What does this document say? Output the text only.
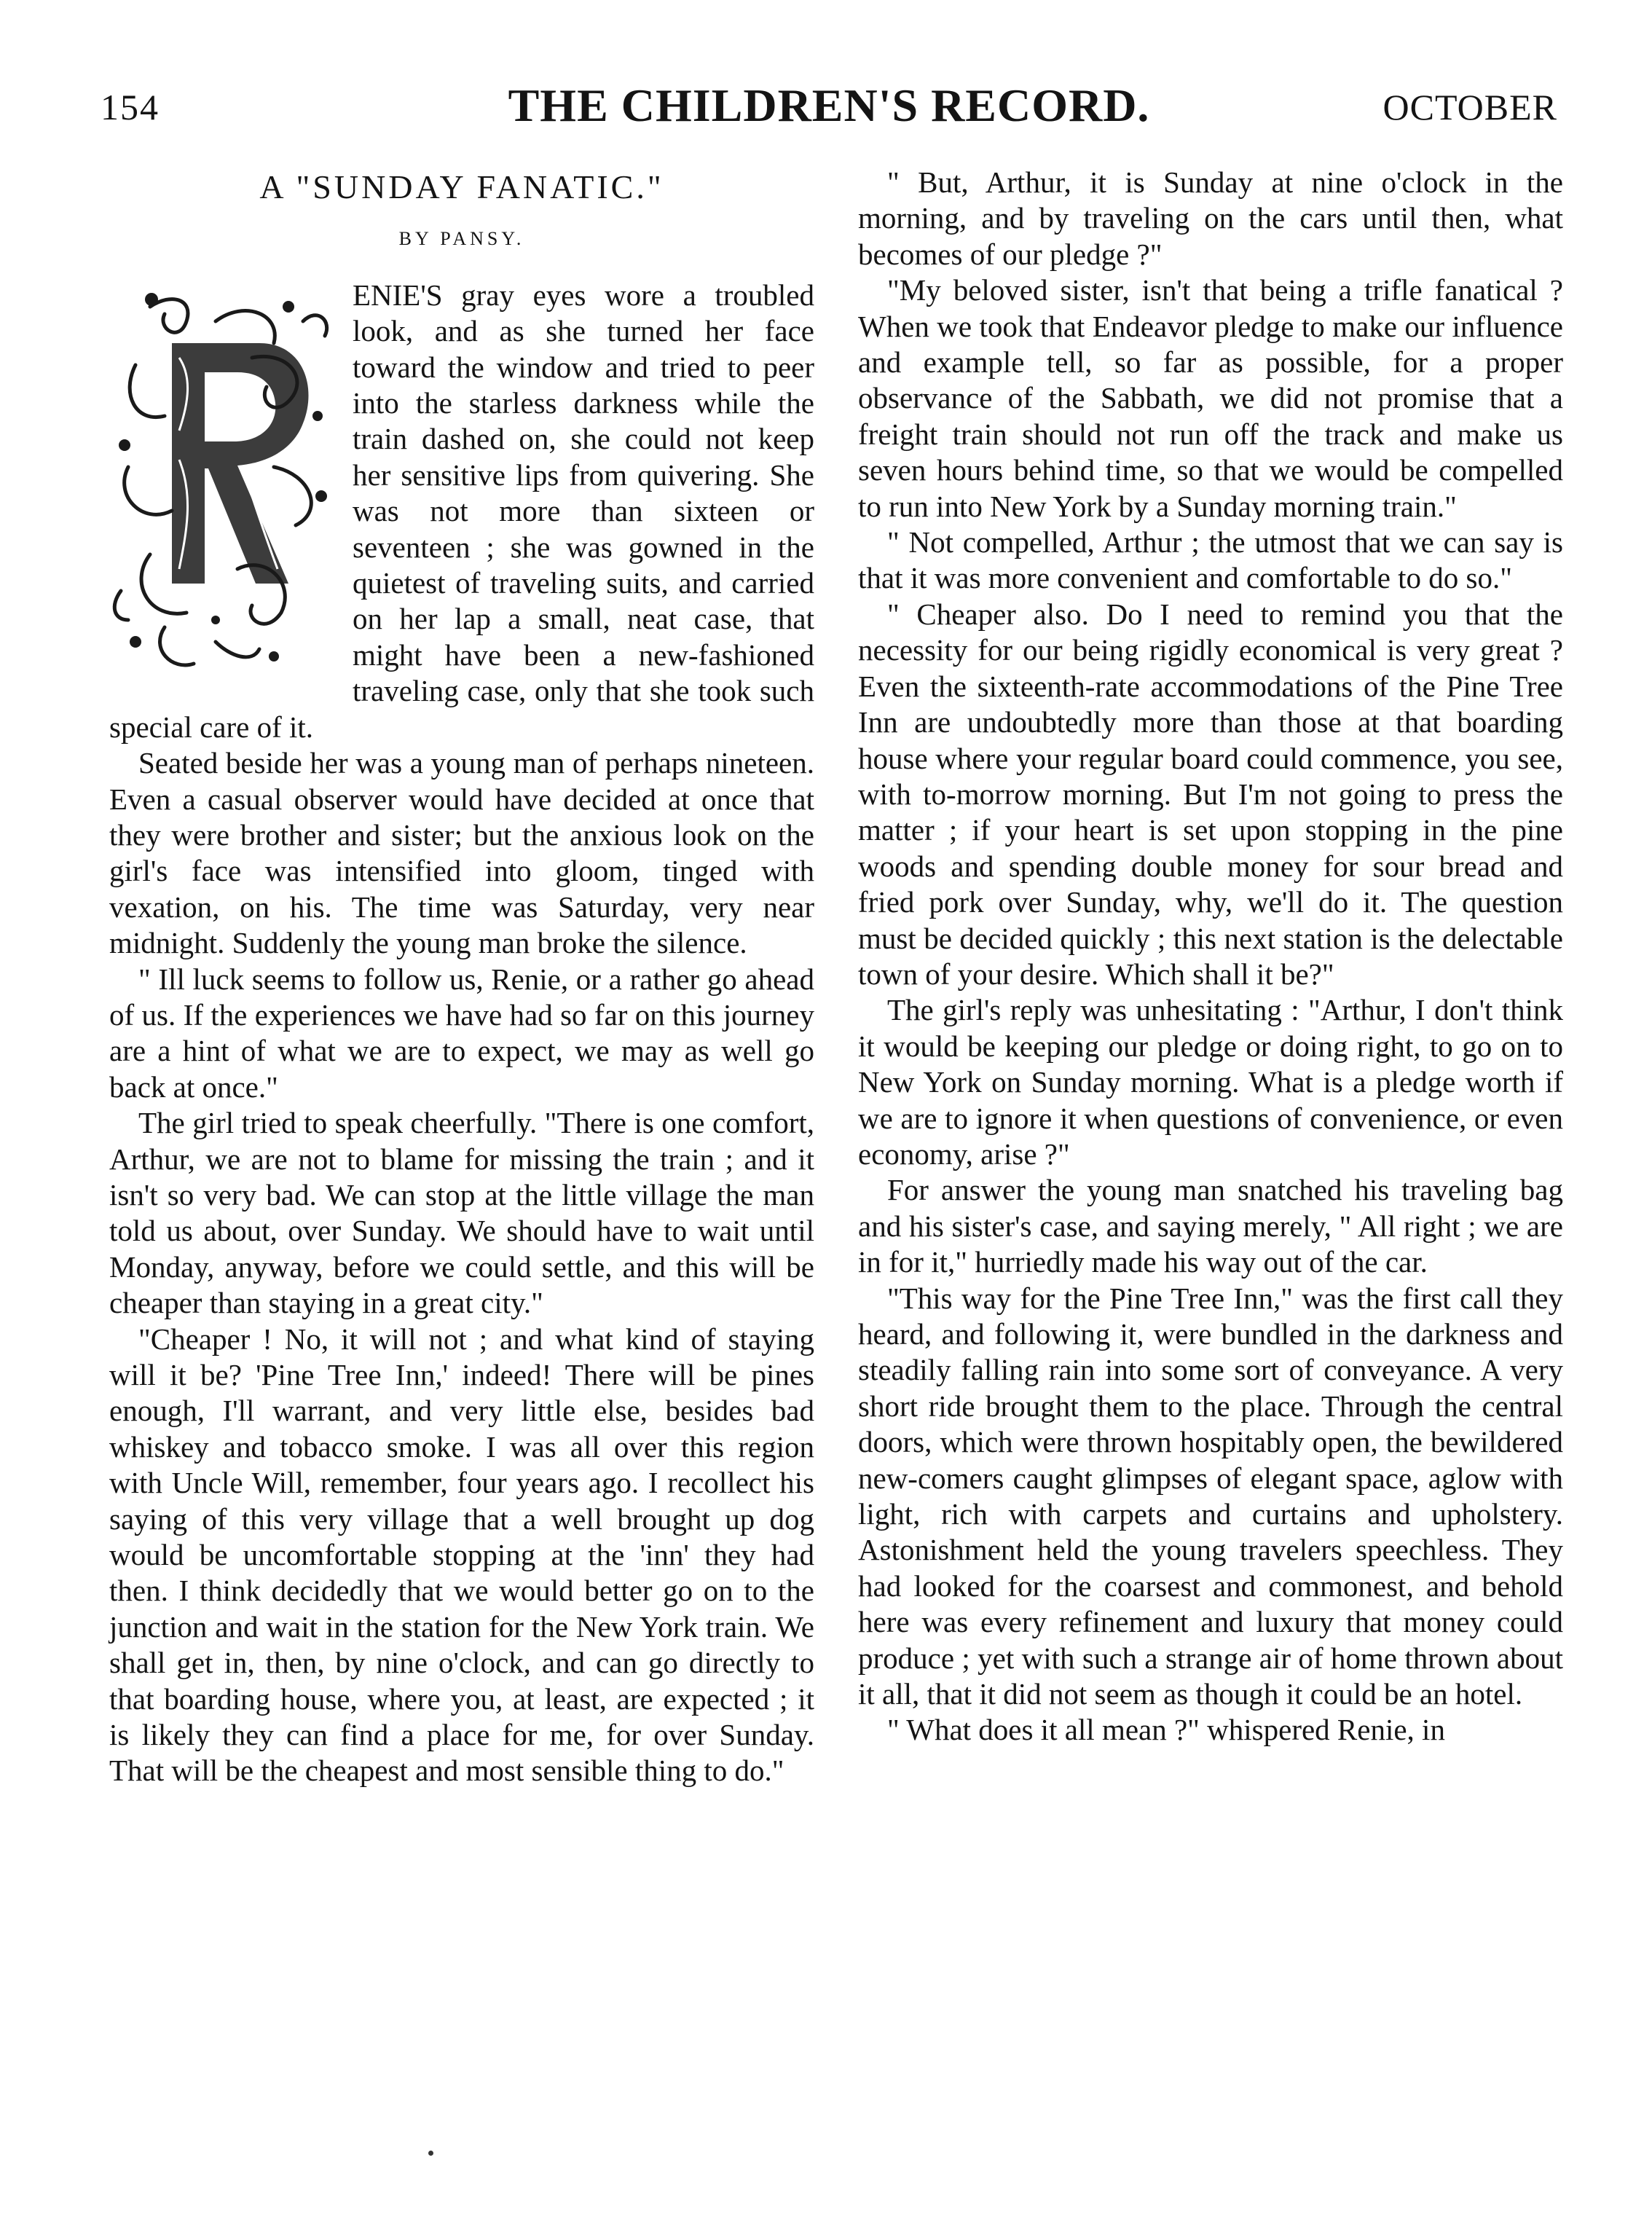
154	THE CHILDREN'S RECORD.	OCTOBER
A "SUNDAY FANATIC."
BY PANSY.

ENIE'S gray eyes wore a troubled look, and as she turned her face toward the window and tried to peer into the starless darkness while the train dashed on, she could not keep her sensitive lips from quivering. She was not more than sixteen or seventeen ; she was gowned in the quietest of traveling suits, and carried on her lap a small, neat case, that might have been a new-fashioned traveling case, only that she took such special care of it.

Seated beside her was a young man of perhaps nineteen. Even a casual observer would have decided at once that they were brother and sister; but the anxious look on the girl's face was intensified into gloom, tinged with vexation, on his. The time was Saturday, very near midnight. Suddenly the young man broke the silence.

" Ill luck seems to follow us, Renie, or a rather go ahead of us. If the experiences we have had so far on this journey are a hint of what we are to expect, we may as well go back at once."

The girl tried to speak cheerfully. "There is one comfort, Arthur, we are not to blame for missing the train ; and it isn't so very bad. We can stop at the little village the man told us about, over Sunday. We should have to wait until Monday, anyway, before we could settle, and this will be cheaper than staying in a great city."

"Cheaper ! No, it will not ; and what kind of staying will it be? 'Pine Tree Inn,' indeed! There will be pines enough, I'll warrant, and very little else, besides bad whiskey and tobacco smoke. I was all over this region with Uncle Will, remember, four years ago. I recollect his saying of this very village that a well brought up dog would be uncomfortable stopping at the 'inn' they had then. I think decidedly that we would better go on to the junction and wait in the station for the New York train. We shall get in, then, by nine o'clock, and can go directly to that boarding house, where you, at least, are expected ; it is likely they can find a place for me, for over Sunday. That will be the cheapest and most sensible thing to do."

" But, Arthur, it is Sunday at nine o'clock in the morning, and by traveling on the cars until then, what becomes of our pledge ?"

"My beloved sister, isn't that being a trifle fanatical ? When we took that Endeavor pledge to make our influence and example tell, so far as possible, for a proper observance of the Sabbath, we did not promise that a freight train should not run off the track and make us seven hours behind time, so that we would be compelled to run into New York by a Sunday morning train."

" Not compelled, Arthur ; the utmost that we can say is that it was more convenient and comfortable to do so."

" Cheaper also. Do I need to remind you that the necessity for our being rigidly economical is very great ? Even the sixteenth-rate accommodations of the Pine Tree Inn are undoubtedly more than those at that boarding house where your regular board could commence, you see, with to-morrow morning. But I'm not going to press the matter ; if your heart is set upon stopping in the pine woods and spending double money for sour bread and fried pork over Sunday, why, we'll do it. The question must be decided quickly ; this next station is the delectable town of your desire. Which shall it be?"

The girl's reply was unhesitating : "Arthur, I don't think it would be keeping our pledge or doing right, to go on to New York on Sunday morning. What is a pledge worth if we are to ignore it when questions of convenience, or even economy, arise ?"

For answer the young man snatched his traveling bag and his sister's case, and saying merely, " All right ; we are in for it," hurriedly made his way out of the car.

"This way for the Pine Tree Inn," was the first call they heard, and following it, were bundled in the darkness and steadily falling rain into some sort of conveyance. A very short ride brought them to the place. Through the central doors, which were thrown hospitably open, the bewildered new-comers caught glimpses of elegant space, aglow with light, rich with carpets and curtains and upholstery. Astonishment held the young travelers speechless. They had looked for the coarsest and commonest, and behold here was every refinement and luxury that money could produce ; yet with such a strange air of home thrown about it all, that it did not seem as though it could be an hotel.

" What does it all mean ?" whispered Renie, in
